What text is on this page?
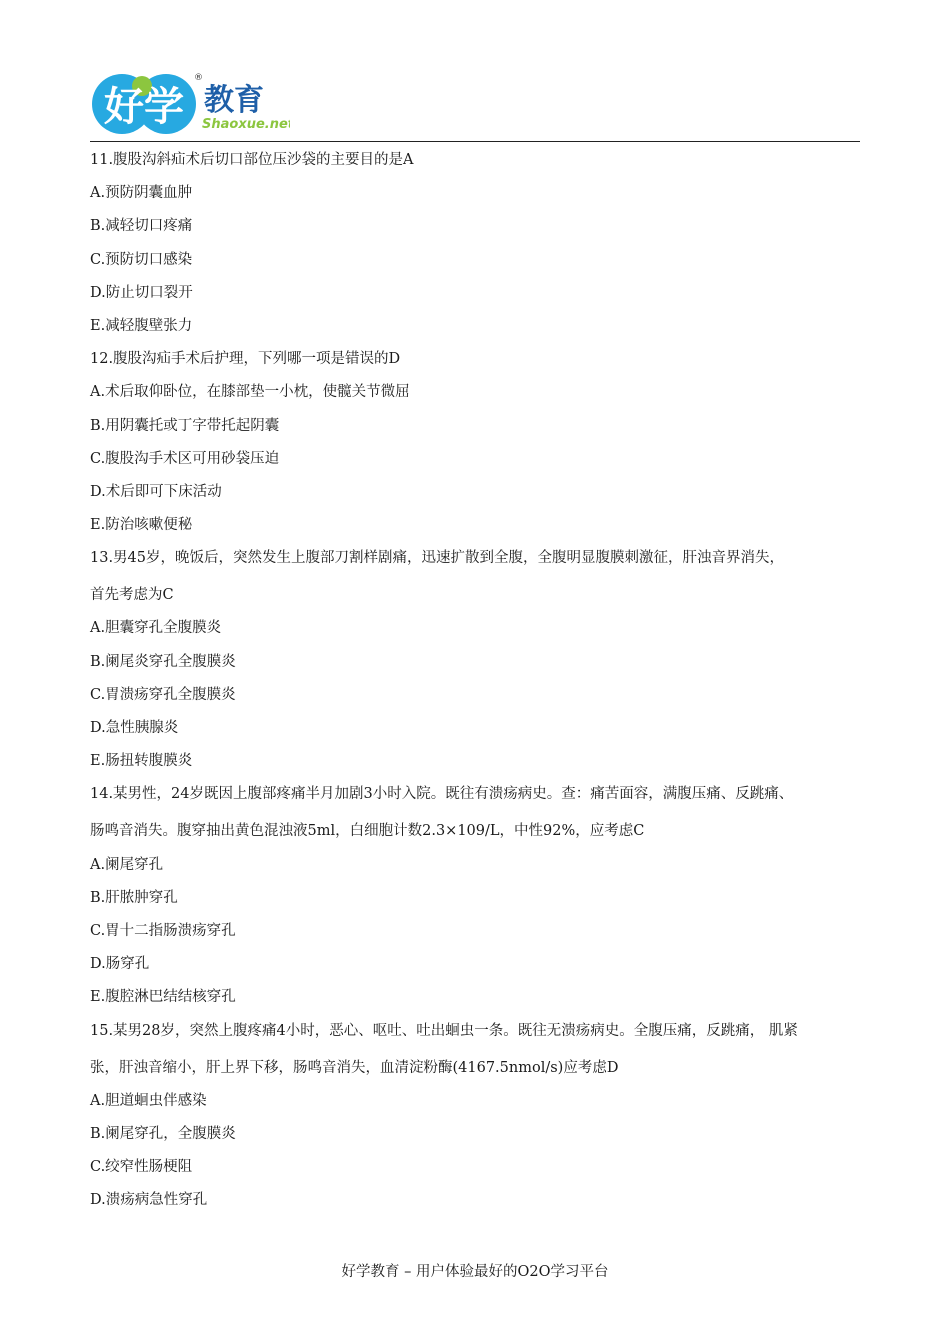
好学 教育
Shaoxue.net
®

11.腹股沟斜疝术后切口部位压沙袋的主要目的是A

A.预防阴囊血肿

B.减轻切口疼痛

C.预防切口感染

D.防止切口裂开

E.减轻腹壁张力

12.腹股沟疝手术后护理，下列哪一项是错误的D

A.术后取仰卧位，在膝部垫一小枕，使髋关节微屈

B.用阴囊托或丁字带托起阴囊

C.腹股沟手术区可用砂袋压迫

D.术后即可下床活动

E.防治咳嗽便秘

13.男45岁，晚饭后，突然发生上腹部刀割样剧痛，迅速扩散到全腹，全腹明显腹膜刺激征，肝浊音界消失，

首先考虑为C

A.胆囊穿孔全腹膜炎

B.阑尾炎穿孔全腹膜炎

C.胃溃疡穿孔全腹膜炎

D.急性胰腺炎

E.肠扭转腹膜炎

14.某男性，24岁既因上腹部疼痛半月加剧3小时入院。既往有溃疡病史。查：痛苦面容，满腹压痛、反跳痛、

肠鸣音消失。腹穿抽出黄色混浊液5ml，白细胞计数2.3×109/L，中性92%，应考虑C

A.阑尾穿孔

B.肝脓肿穿孔

C.胃十二指肠溃疡穿孔

D.肠穿孔

E.腹腔淋巴结结核穿孔

15.某男28岁，突然上腹疼痛4小时，恶心、呕吐、吐出蛔虫一条。既往无溃疡病史。全腹压痛，反跳痛， 肌紧

张，肝浊音缩小，肝上界下移，肠鸣音消失，血清淀粉酶(4167.5nmol/s)应考虑D

A.胆道蛔虫伴感染

B.阑尾穿孔，全腹膜炎

C.绞窄性肠梗阻

D.溃疡病急性穿孔

好学教育 – 用户体验最好的O2O学习平台
